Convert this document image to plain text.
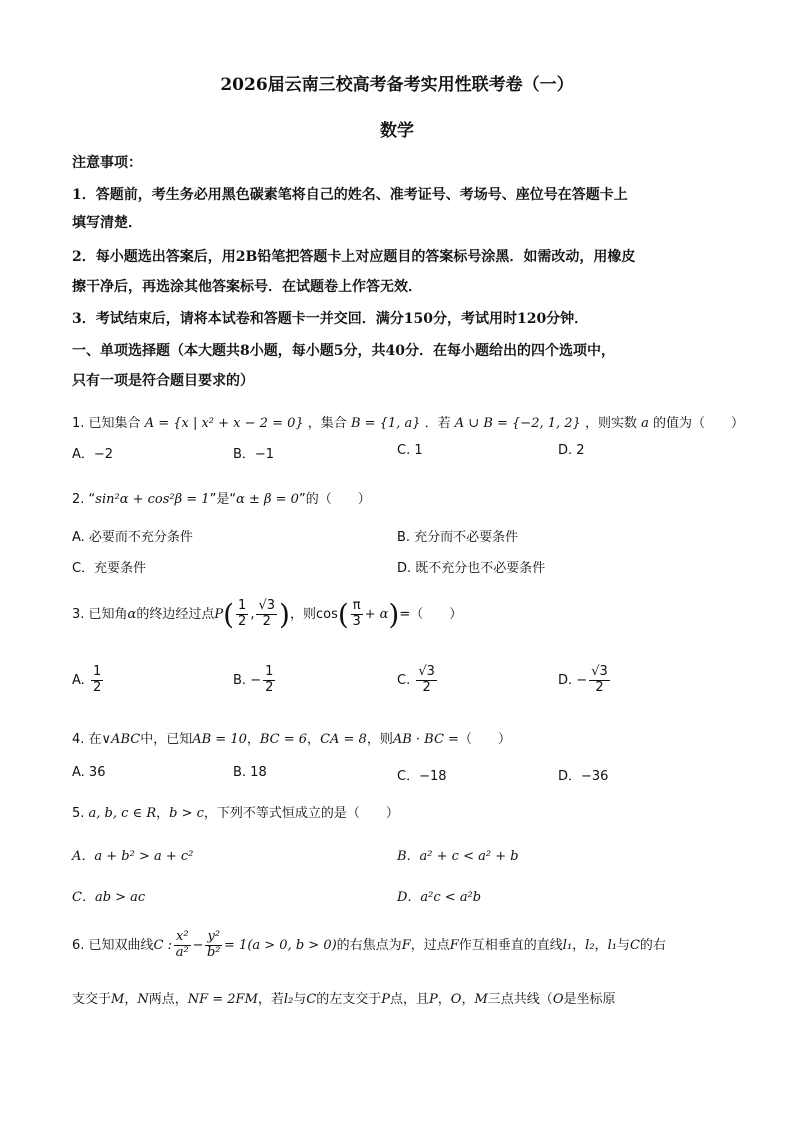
2026届云南三校高考备考实用性联考卷（一）
数学
注意事项：
1．答题前，考生务必用黑色碳素笔将自己的姓名、准考证号、考场号、座位号在答题卡上
填写清楚．
2．每小题选出答案后，用2B铅笔把答题卡上对应题目的答案标号涂黑．如需改动，用橡皮
擦干净后，再选涂其他答案标号．在试题卷上作答无效．
3．考试结束后，请将本试卷和答题卡一并交回．满分150分，考试用时120分钟．
一、单项选择题（本大题共8小题，每小题5分，共40分．在每小题给出的四个选项中，
只有一项是符合题目要求的）
1. 已知集合 A = {x | x² + x − 2 = 0} ，集合 B = {1, a} ．若 A ∪ B = {−2, 1, 2} ，则实数 a 的值为（　　）
A．−2	B．−1	C. 1	D. 2
2. “sin²α + cos²β = 1”是“α ± β = 0”的（　　）
A. 必要而不充分条件	B. 充分而不必要条件
C．充要条件	D. 既不充分也不必要条件
3. 已知角α的终边经过点$P( \frac{1}{2}$ , $\frac{√3}{2}$ )，则$\cos( \frac{\pi}{3} + \alpha)=$（　　）
A. $\frac{1}{2}$	B. − $\frac{1}{2}$	C. $\frac{√3}{2}$	D. − $\frac{√3}{2}$
4. 在∨ABC中，已知AB = 10，BC = 6，CA = 8，则AB · BC =（　　）
A. 36	B. 18	C．−18	D．−36
5. a, b, c ∈ R，b > c，下列不等式恒成立的是（　　）
A．a + b² > a + c²	B．a² + c < a² + b
C．ab > ac	D．a²c < a²b
6. 已知双曲线C : $\frac{\text{x²}}{\text{a²}} - \frac{\text{y²}}{\text{b²}} = 1(a > 0$, b > 0)的右焦点为F，过点F作互相垂直的直线l₁，l₂，l₁与C的右
支交于M，N两点，NF = 2FM，若l₂与C的左支交于P点，且P，O，M三点共线（O是坐标原
